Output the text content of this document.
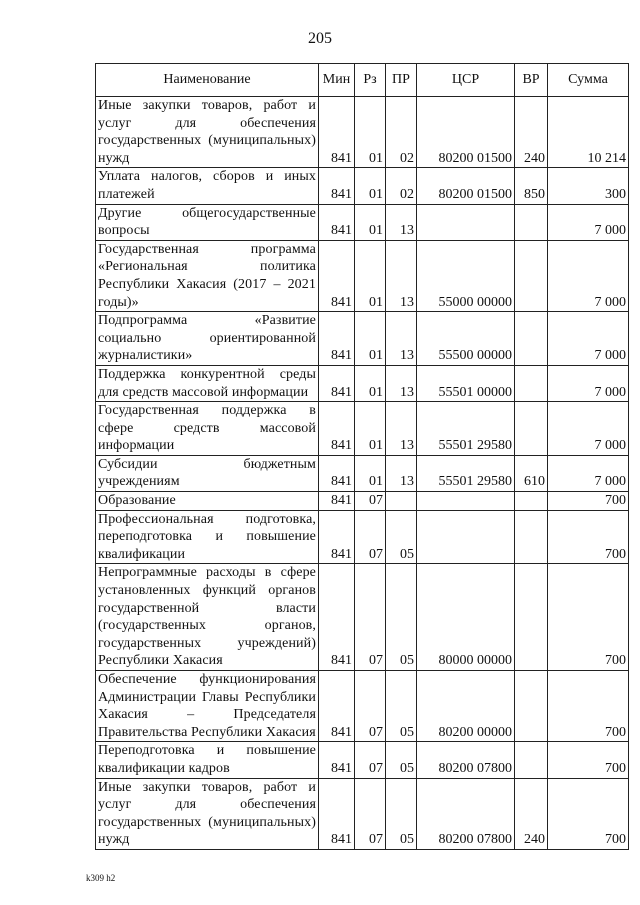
205
Наименование	Мин	Рз	ПР	ЦСР	ВР	Сумма
Иные закупки товаров, работ и услуг для обеспечения государственных (муниципальных) нужд	841	01	02	80200 01500	240	10 214
Уплата налогов, сборов и иных платежей	841	01	02	80200 01500	850	300
Другие общегосударственные вопросы	841	01	13			7 000
Государственная программа «Региональная политика Республики Хакасия (2017 – 2021 годы)»	841	01	13	55000 00000		7 000
Подпрограмма «Развитие социально ориентированной журналистики»	841	01	13	55500 00000		7 000
Поддержка конкурентной среды для средств массовой информации	841	01	13	55501 00000		7 000
Государственная поддержка в сфере средств массовой информации	841	01	13	55501 29580		7 000
Субсидии бюджетным учреждениям	841	01	13	55501 29580	610	7 000
Образование	841	07				700
Профессиональная подготовка, переподготовка и повышение квалификации	841	07	05			700
Непрограммные расходы в сфере установленных функций органов государственной власти (государственных органов, государственных учреждений) Республики Хакасия	841	07	05	80000 00000		700
Обеспечение функционирования Администрации Главы Республики Хакасия – Председателя Правительства Республики Хакасия	841	07	05	80200 00000		700
Переподготовка и повышение квалификации кадров	841	07	05	80200 07800		700
Иные закупки товаров, работ и услуг для обеспечения государственных (муниципальных) нужд	841	07	05	80200 07800	240	700
k309 h2
